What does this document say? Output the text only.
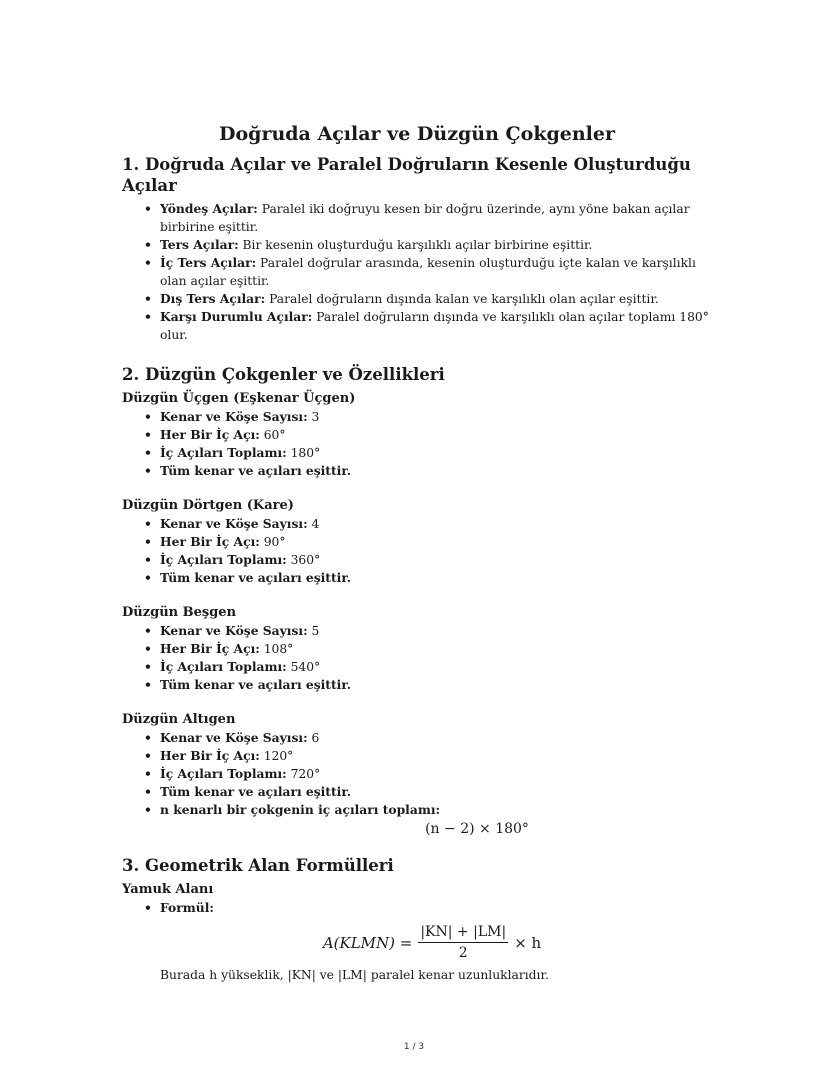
Doğruda Açılar ve Düzgün Çokgenler
1. Doğruda Açılar ve Paralel Doğruların Kesenle Oluşturduğu Açılar
• Yöndeş Açılar: Paralel iki doğruyu kesen bir doğru üzerinde, aynı yöne bakan açılar birbirine eşittir.
• Ters Açılar: Bir kesenin oluşturduğu karşılıklı açılar birbirine eşittir.
• İç Ters Açılar: Paralel doğrular arasında, kesenin oluşturduğu içte kalan ve karşılıklı olan açılar eşittir.
• Dış Ters Açılar: Paralel doğruların dışında kalan ve karşılıklı olan açılar eşittir.
• Karşı Durumlu Açılar: Paralel doğruların dışında ve karşılıklı olan açılar toplamı 180° olur.
2. Düzgün Çokgenler ve Özellikleri
Düzgün Üçgen (Eşkenar Üçgen)
• Kenar ve Köşe Sayısı: 3
• Her Bir İç Açı: 60°
• İç Açıları Toplamı: 180°
• Tüm kenar ve açıları eşittir.
Düzgün Dörtgen (Kare)
• Kenar ve Köşe Sayısı: 4
• Her Bir İç Açı: 90°
• İç Açıları Toplamı: 360°
• Tüm kenar ve açıları eşittir.
Düzgün Beşgen
• Kenar ve Köşe Sayısı: 5
• Her Bir İç Açı: 108°
• İç Açıları Toplamı: 540°
• Tüm kenar ve açıları eşittir.
Düzgün Altıgen
• Kenar ve Köşe Sayısı: 6
• Her Bir İç Açı: 120°
• İç Açıları Toplamı: 720°
• Tüm kenar ve açıları eşittir.
• n kenarlı bir çokgenin iç açıları toplamı:
(n − 2) × 180°
3. Geometrik Alan Formülleri
Yamuk Alanı
• Formül:
A(KLMN) = $\frac{|KN| + |LM|}{2} \times h$
Burada h yükseklik, |KN| ve |LM| paralel kenar uzunluklarıdır.
1 / 3
